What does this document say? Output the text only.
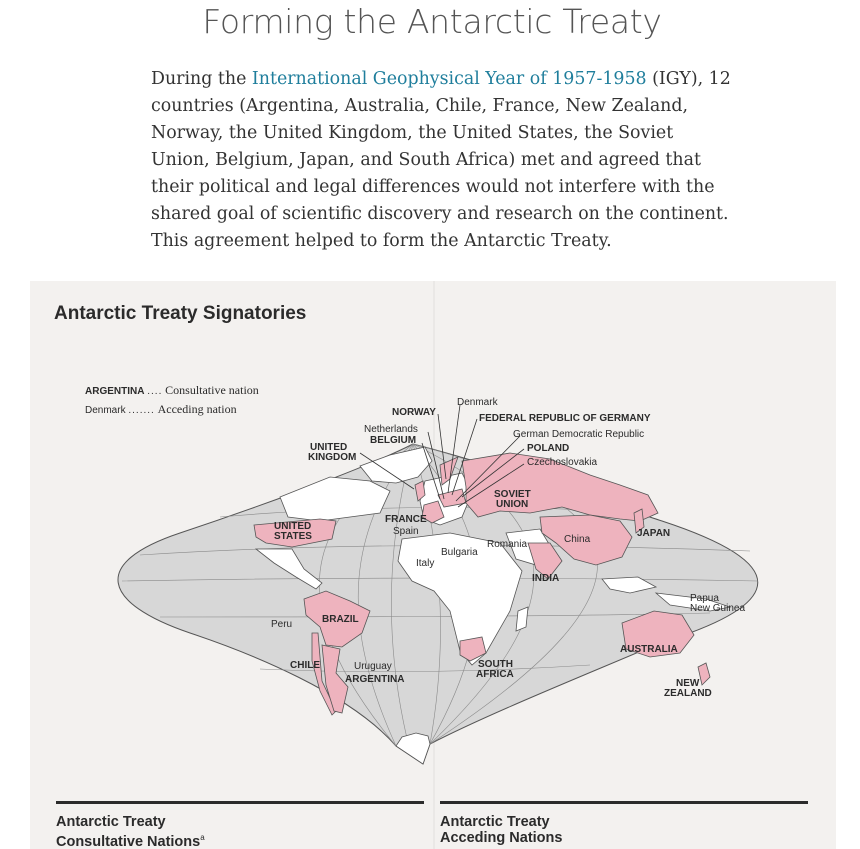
Forming the Antarctic Treaty
During the International Geophysical Year of 1957-1958 (IGY), 12 countries (Argentina, Australia, Chile, France, New Zealand, Norway, the United Kingdom, the United States, the Soviet Union, Belgium, Japan, and South Africa) met and agreed that their political and legal differences would not interfere with the shared goal of scientific discovery and research on the continent. This agreement helped to form the Antarctic Treaty.
NORWAY
Denmark
FEDERAL REPUBLIC OF GERMANY
Netherlands
BELGIUM
German Democratic Republic
POLAND
Czechoslovakia
UNITED
KINGDOM
SOVIET
UNION
FRANCE
Spain
UNITED
STATES
Romania
Bulgaria
China
JAPAN
Italy
INDIA
Papua
New Guinea
BRAZIL
Peru
AUSTRALIA
CHILE	Uruguay
ARGENTINA
SOUTH
AFRICA
NEW
ZEALAND
Antarctic Treaty Signatories
ARGENTINA .... Consultative nation
Denmark ....... Acceding nation
Antarctic Treaty
Consultative Nations$^a$
Antarctic Treaty
Acceding Nations
